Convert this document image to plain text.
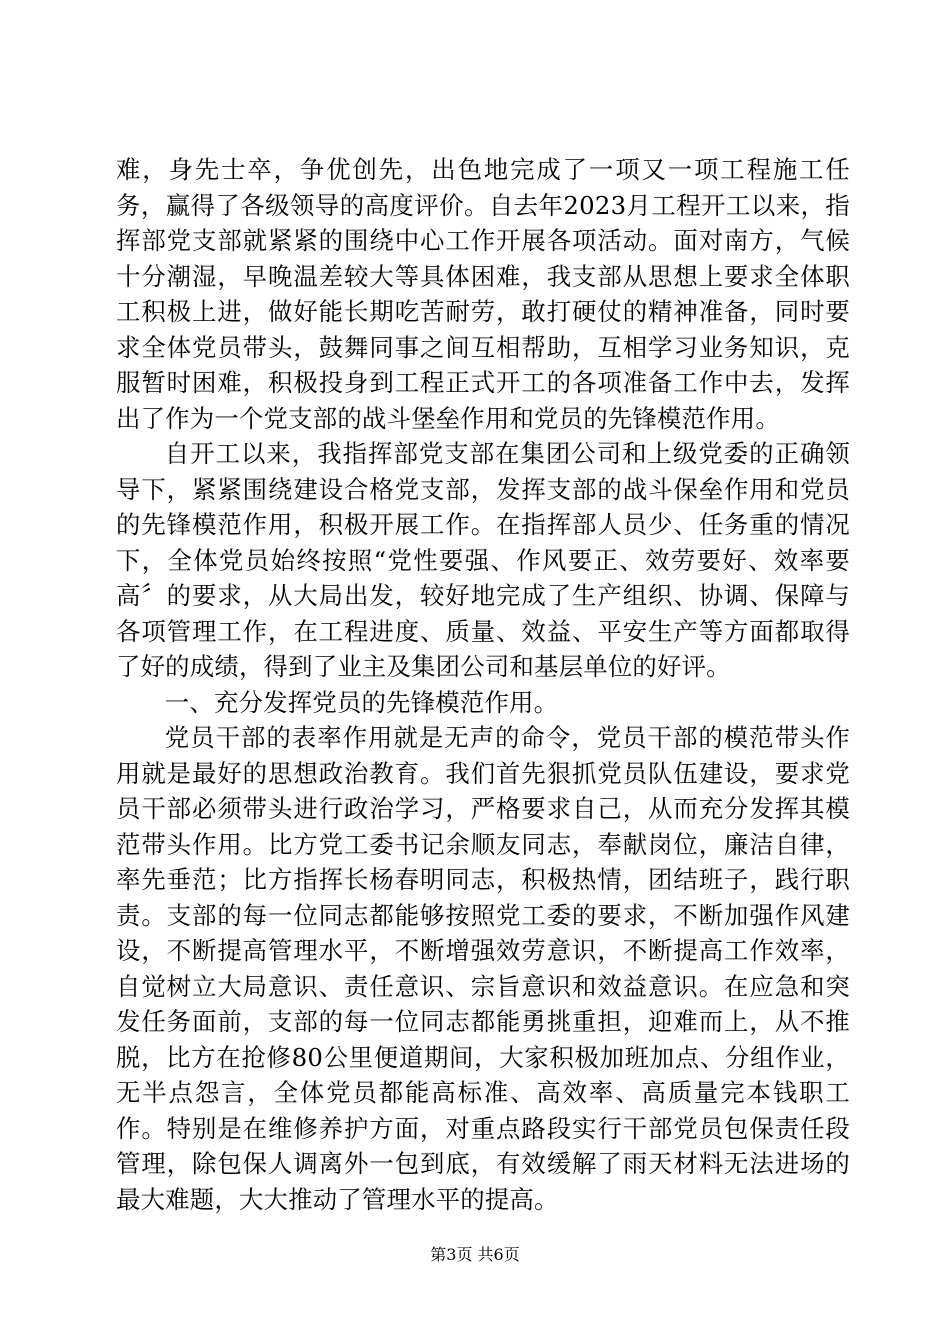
难，身先士卒，争优创先，出色地完成了一项又一项工程施工任务，赢得了各级领导的高度评价。自去年2023月工程开工以来，指挥部党支部就紧紧的围绕中心工作开展各项活动。面对南方，气候十分潮湿，早晚温差较大等具体困难，我支部从思想上要求全体职工积极上进，做好能长期吃苦耐劳，敢打硬仗的精神准备，同时要求全体党员带头，鼓舞同事之间互相帮助，互相学习业务知识，克服暂时困难，积极投身到工程正式开工的各项准备工作中去，发挥出了作为一个党支部的战斗堡垒作用和党员的先锋模范作用。

自开工以来，我指挥部党支部在集团公司和上级党委的正确领导下，紧紧围绕建设合格党支部，发挥支部的战斗保垒作用和党员的先锋模范作用，积极开展工作。在指挥部人员少、任务重的情况下，全体党员始终按照“党性要强、作风要正、效劳要好、效率要高〞的要求，从大局出发，较好地完成了生产组织、协调、保障与各项管理工作，在工程进度、质量、效益、平安生产等方面都取得了好的成绩，得到了业主及集团公司和基层单位的好评。

一、充分发挥党员的先锋模范作用。

党员干部的表率作用就是无声的命令，党员干部的模范带头作用就是最好的思想政治教育。我们首先狠抓党员队伍建设，要求党员干部必须带头进行政治学习，严格要求自己，从而充分发挥其模范带头作用。比方党工委书记余顺友同志，奉献岗位，廉洁自律，率先垂范；比方指挥长杨春明同志，积极热情，团结班子，践行职责。支部的每一位同志都能够按照党工委的要求，不断加强作风建设，不断提高管理水平，不断增强效劳意识，不断提高工作效率，自觉树立大局意识、责任意识、宗旨意识和效益意识。在应急和突发任务面前，支部的每一位同志都能勇挑重担，迎难而上，从不推脱，比方在抢修80公里便道期间，大家积极加班加点、分组作业，无半点怨言，全体党员都能高标准、高效率、高质量完本钱职工作。特别是在维修养护方面，对重点路段实行干部党员包保责任段管理，除包保人调离外一包到底，有效缓解了雨天材料无法进场的最大难题，大大推动了管理水平的提高。

第3页 共6页
